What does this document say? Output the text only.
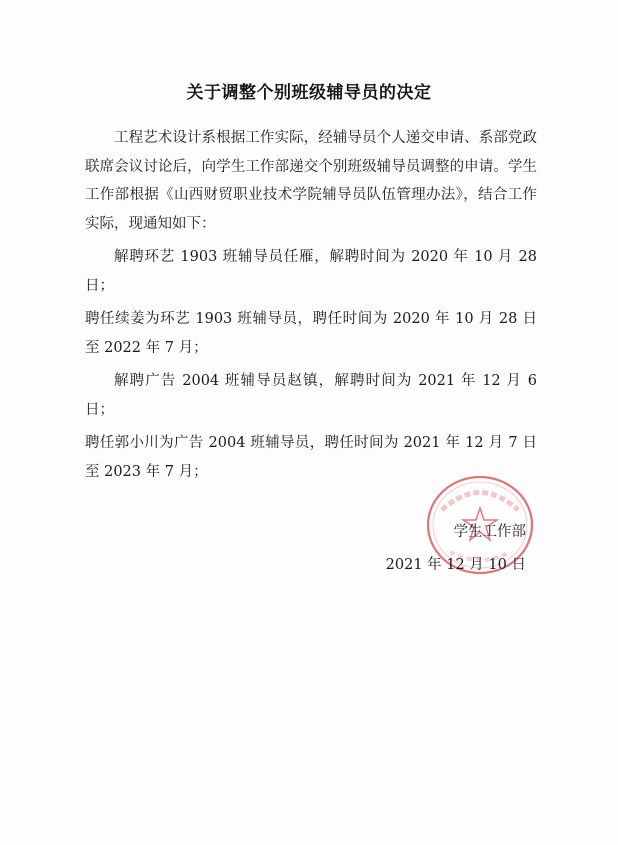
关于调整个别班级辅导员的决定

工程艺术设计系根据工作实际，经辅导员个人递交申请、系部党政联席会议讨论后，向学生工作部递交个别班级辅导员调整的申请。学生工作部根据《山西财贸职业技术学院辅导员队伍管理办法》，结合工作实际，现通知如下：

解聘环艺 1903 班辅导员任雁，解聘时间为 2020 年 10 月 28 日；

聘任续姜为环艺 1903 班辅导员，聘任时间为 2020 年 10 月 28 日至 2022 年 7 月；

解聘广告 2004 班辅导员赵镇，解聘时间为 2021 年 12 月 6 日；

聘任郭小川为广告 2004 班辅导员，聘任时间为 2021 年 12 月 7 日至 2023 年 7 月；

学生工作部
2021 年 12 月 10 日
